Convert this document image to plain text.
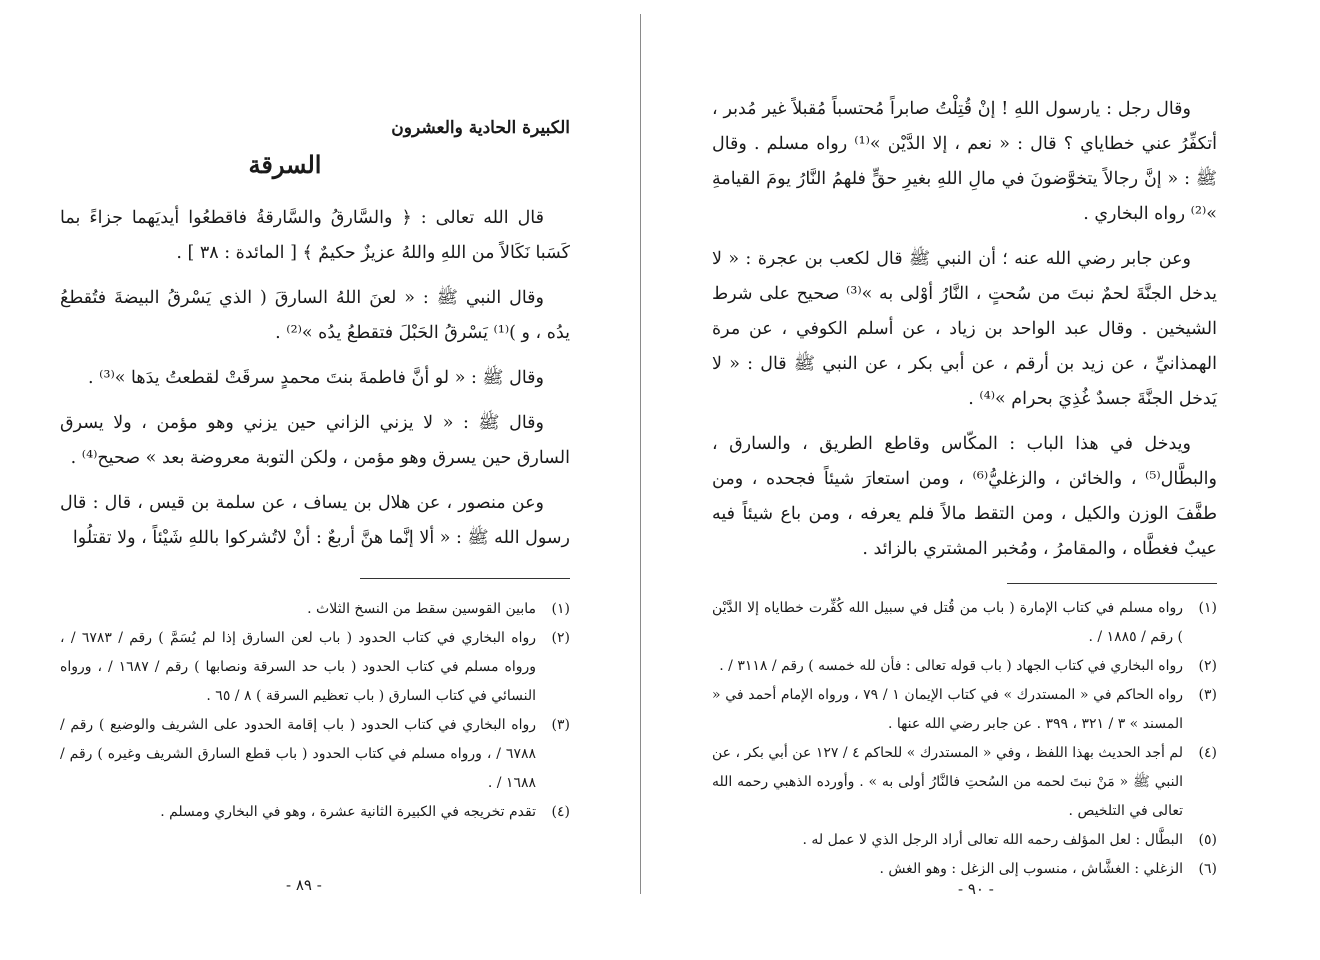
الكبيرة الحادية والعشرون
السرقة

قال الله تعالى : ﴿ والسَّارقُ والسَّارقةُ فاقطعُوا أيديَهما جزاءً بما كَسَبا نَكَالاً من اللهِ واللهُ عزيزٌ حكيمٌ ﴾ [ المائدة : ٣٨ ] .

وقال النبي ﷺ : « لعنَ اللهُ السارقَ ( الذي يَسْرقُ البيضةَ فتُقطعُ يدُه ، و )⁽¹⁾ يَسْرقُ الحَبْلَ فتقطعُ يدُه »⁽²⁾ .

وقال ﷺ : « لو أنَّ فاطمةَ بنتَ محمدٍ سرقَتْ لقطعتُ يدَها »⁽³⁾ .

وقال ﷺ : « لا يزني الزاني حين يزني وهو مؤمن ، ولا يسرق السارق حين يسرق وهو مؤمن ، ولكن التوبة معروضة بعد » صحيح⁽⁴⁾ .

وعن منصور ، عن هلال بن يساف ، عن سلمة بن قيس ، قال : قال رسول الله ﷺ : « ألا إنَّما هنَّ أربعٌ : أنْ لاتُشركوا باللهِ شَيْئاً ، ولا تقتلُوا

(١)
مابين القوسين سقط من النسخ الثلاث .
(٢)
رواه البخاري في كتاب الحدود ( باب لعن السارق إذا لم يُسَمَّ ) رقم / ٦٧٨٣ / ، ورواه مسلم في كتاب الحدود ( باب حد السرقة ونصابها ) رقم / ١٦٨٧ / ، ورواه النسائي في كتاب السارق ( باب تعظيم السرقة ) ٨ / ٦٥ .
(٣)
رواه البخاري في كتاب الحدود ( باب إقامة الحدود على الشريف والوضيع ) رقم / ٦٧٨٨ / ، ورواه مسلم في كتاب الحدود ( باب قطع السارق الشريف وغيره ) رقم / ١٦٨٨ / .
(٤)
تقدم تخريجه في الكبيرة الثانية عشرة ، وهو في البخاري ومسلم .
- ٨٩ -

وقال رجل : يارسول اللهِ ! إنْ قُتِلْتُ صابراً مُحتسباً مُقبلاً غير مُدبر ، أتكفِّرُ عني خطاياي ؟ قال : « نعم ، إلا الدَّيْن »⁽¹⁾ رواه مسلم . وقال ﷺ : « إنَّ رجالاً يتخوَّضونَ في مالِ اللهِ بغيرِ حقٍّ فلهمُ النَّارُ يومَ القيامةِ »⁽²⁾ رواه البخاري .

وعن جابر رضي الله عنه ؛ أن النبي ﷺ قال لكعب بن عجرة : « لا يدخل الجنَّةَ لحمٌ نبتَ من سُحتٍ ، النَّارُ أوْلى به »⁽³⁾ صحيح على شرط الشيخين . وقال عبد الواحد بن زياد ، عن أسلم الكوفي ، عن مرة الهمذانيِّ ، عن زيد بن أرقم ، عن أبي بكر ، عن النبي ﷺ قال : « لا يَدخل الجنَّةَ جسدٌ غُذِيَ بحرام »⁽⁴⁾ .

ويدخل في هذا الباب : المكّاس وقاطع الطريق ، والسارق ، والبطَّال⁽⁵⁾ ، والخائن ، والزغليُّ⁽⁶⁾ ، ومن استعارَ شيئاً فجحده ، ومن طفَّفَ الوزن والكيل ، ومن التقط مالاً فلم يعرفه ، ومن باع شيئاً فيه عيبٌ فغطَّاه ، والمقامرُ ، ومُخبر المشتري بالزائد .

(١)
رواه مسلم في كتاب الإمارة ( باب من قُتل في سبيل الله كُفِّرت خطاياه إلا الدَّيْن ) رقم / ١٨٨٥ / .
(٢)
رواه البخاري في كتاب الجهاد ( باب قوله تعالى : فأن لله خمسه ) رقم / ٣١١٨ / .
(٣)
رواه الحاكم في « المستدرك » في كتاب الإيمان ١ / ٧٩ ، ورواه الإمام أحمد في « المسند » ٣ / ٣٢١ ، ٣٩٩ . عن جابر رضي الله عنها .
(٤)
لم أجد الحديث بهذا اللفظ ، وفي « المستدرك » للحاكم ٤ / ١٢٧ عن أبي بكر ، عن النبي ﷺ « مَنْ نبتَ لحمه من السُحتِ فالنَّارُ أولى به » . وأورده الذهبي رحمه الله تعالى في التلخيص .
(٥)
البطَّال : لعل المؤلف رحمه الله تعالى أراد الرجل الذي لا عمل له .
(٦)
الزغلي : الغشَّاش ، منسوب إلى الزغل : وهو الغش .
- ٩٠ -
